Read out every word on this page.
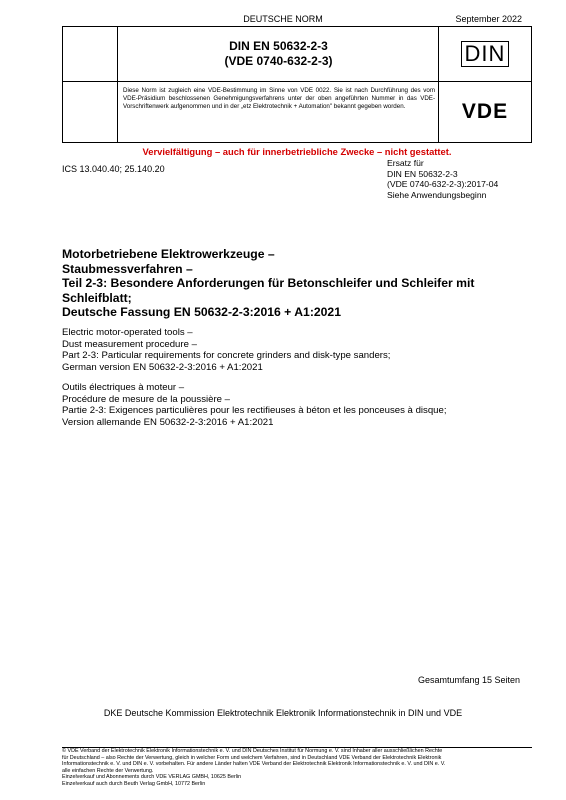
DEUTSCHE NORM	September 2022
DIN EN 50632-2-3
(VDE 0740-632-2-3)	DIN
Diese Norm ist zugleich eine VDE-Bestimmung im Sinne von VDE 0022. Sie ist nach Durchführung des vom VDE-Präsidium beschlossenen Genehmigungsverfahrens unter der oben angeführten Nummer in das VDE-Vorschriftenwerk aufgenommen und in der „etz Elektrotechnik + Automation" bekannt gegeben worden.	VDE
Vervielfältigung – auch für innerbetriebliche Zwecke – nicht gestattet.
ICS 13.040.40; 25.140.20
Ersatz für
DIN EN 50632-2-3
(VDE 0740-632-2-3):2017-04
Siehe Anwendungsbeginn
Motorbetriebene Elektrowerkzeuge –
Staubmessverfahren –
Teil 2-3: Besondere Anforderungen für Betonschleifer und Schleifer mit Schleifblatt;
Deutsche Fassung EN 50632-2-3:2016 + A1:2021
Electric motor-operated tools –
Dust measurement procedure –
Part 2-3: Particular requirements for concrete grinders and disk-type sanders;
German version EN 50632-2-3:2016 + A1:2021
Outils électriques à moteur –
Procédure de mesure de la poussière –
Partie 2-3: Exigences particulières pour les rectifieuses à béton et les ponceuses à disque;
Version allemande EN 50632-2-3:2016 + A1:2021
Gesamtumfang 15 Seiten
DKE Deutsche Kommission Elektrotechnik Elektronik Informationstechnik in DIN und VDE
© VDE Verband der Elektrotechnik Elektronik Informationstechnik e. V. und DIN Deutsches Institut für Normung e. V. sind Inhaber aller ausschließlichen Rechte
für Deutschland – also Rechte der Verwertung, gleich in welcher Form und welchem Verfahren, sind in Deutschland VDE Verband der Elektrotechnik Elektronik
Informationstechnik e. V. und DIN e. V. vorbehalten. Für andere Länder halten VDE Verband der Elektrotechnik Elektronik Informationstechnik e. V. und DIN e. V.
alle einfachen Rechte der Verwertung.
Einzelverkauf und Abonnements durch VDE VERLAG GMBH, 10625 Berlin
Einzelverkauf auch durch Beuth Verlag GmbH, 10772 Berlin
